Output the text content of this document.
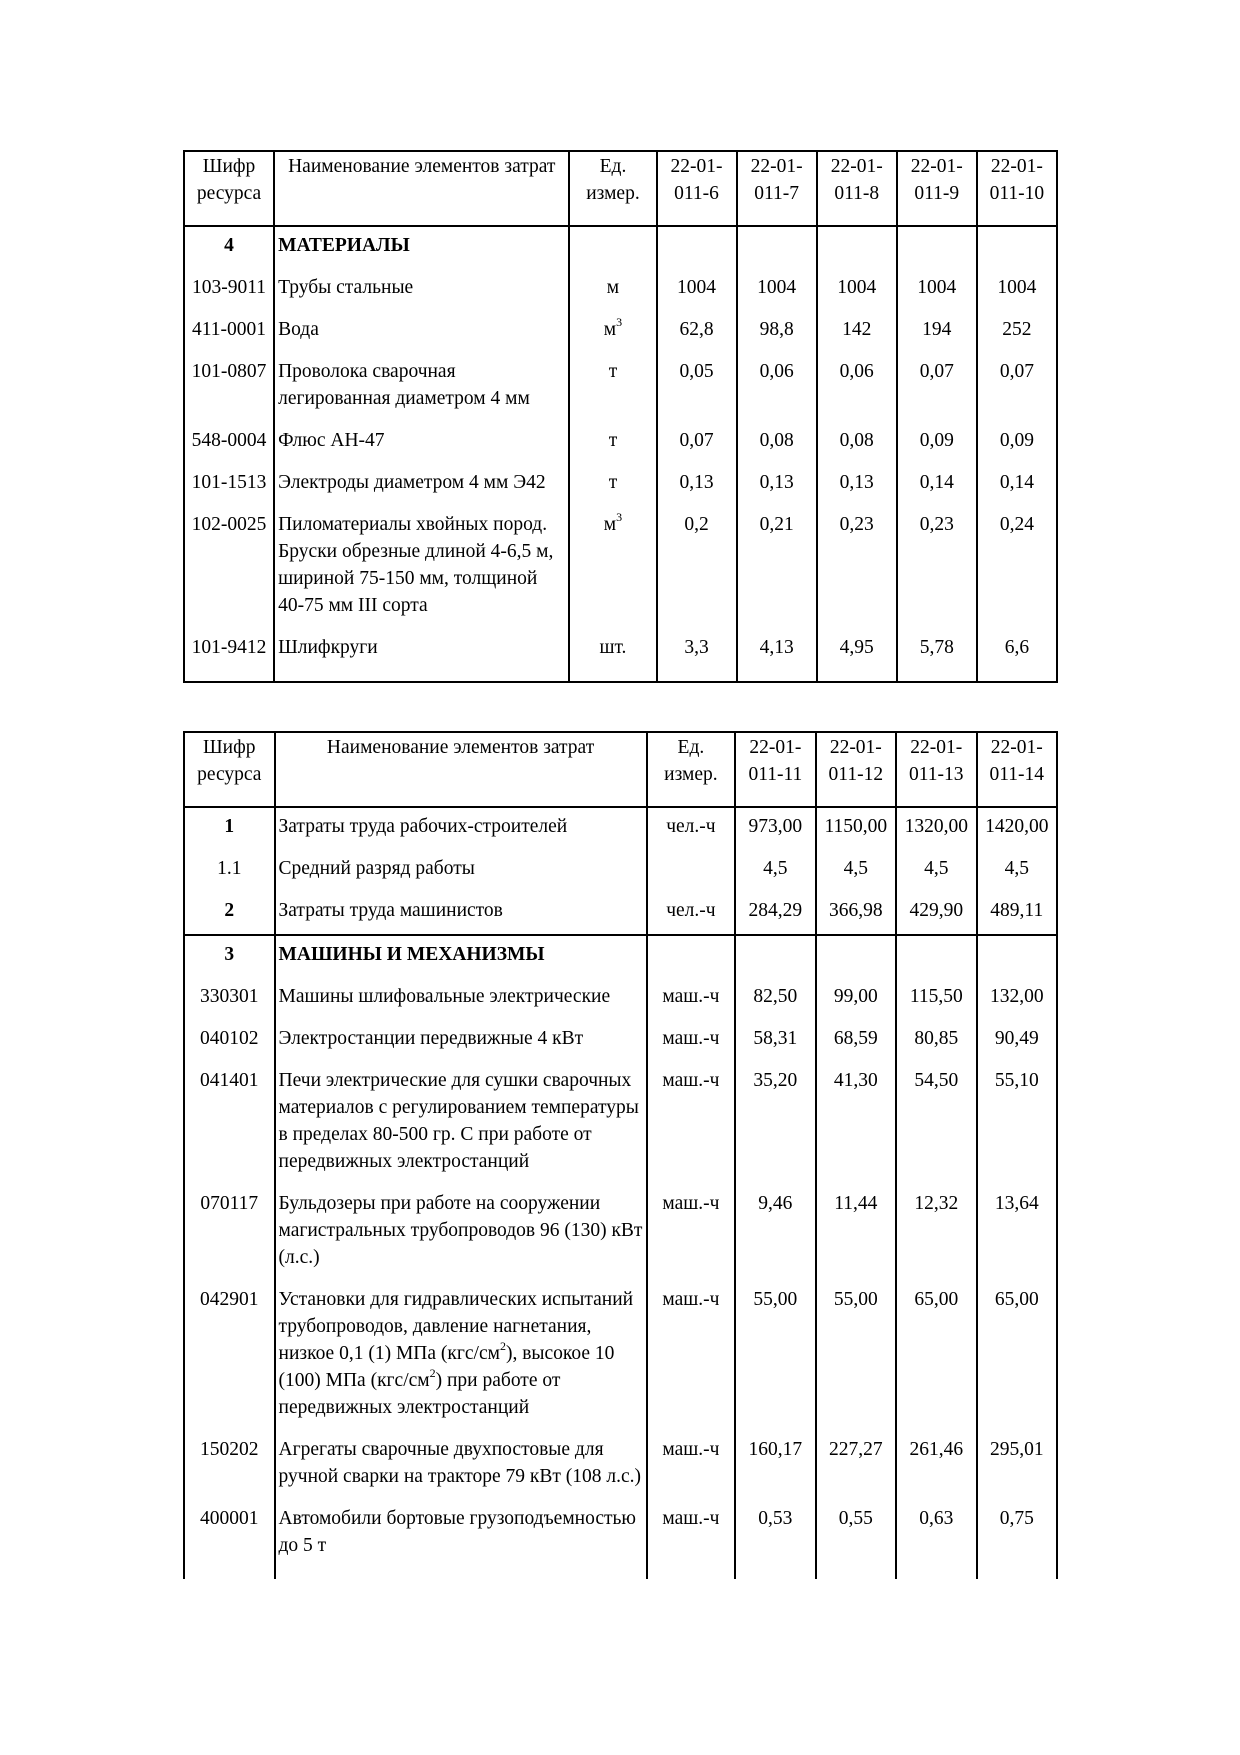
Шифр ресурса	Наименование элементов затрат	Ед. измер.	22-01-011-6	22-01-011-7	22-01-011-8	22-01-011-9	22-01-011-10
4	МАТЕРИАЛЫ						
103-9011	Трубы стальные	м	1004	1004	1004	1004	1004
411-0001	Вода	$м^3$	62,8	98,8	142	194	252
101-0807	Проволока сварочная легированная диаметром 4 мм	т	0,05	0,06	0,06	0,07	0,07
548-0004	Флюс АН-47	т	0,07	0,08	0,08	0,09	0,09
101-1513	Электроды диаметром 4 мм Э42	т	0,13	0,13	0,13	0,14	0,14
102-0025	Пиломатериалы хвойных пород. Бруски обрезные длиной 4-6,5 м, шириной 75-150 мм, толщиной 40-75 мм III сорта	$м^3$	0,2	0,21	0,23	0,23	0,24
101-9412	Шлифкруги	шт.	3,3	4,13	4,95	5,78	6,6
Шифр ресурса	Наименование элементов затрат	Ед. измер.	22-01-011-11	22-01-011-12	22-01-011-13	22-01-011-14
1	Затраты труда рабочих-строителей	чел.-ч	973,00	1150,00	1320,00	1420,00
1.1	Средний разряд работы		4,5	4,5	4,5	4,5
2	Затраты труда машинистов	чел.-ч	284,29	366,98	429,90	489,11
3	МАШИНЫ И МЕХАНИЗМЫ					
330301	Машины шлифовальные электрические	маш.-ч	82,50	99,00	115,50	132,00
040102	Электростанции передвижные 4 кВт	маш.-ч	58,31	68,59	80,85	90,49
041401	Печи электрические для сушки сварочных материалов с регулированием температуры в пределах 80-500 гр. С при работе от передвижных электростанций	маш.-ч	35,20	41,30	54,50	55,10
070117	Бульдозеры при работе на сооружении магистральных трубопроводов 96 (130) кВт (л.с.)	маш.-ч	9,46	11,44	12,32	13,64
042901	Установки для гидравлических испытаний трубопроводов, давление нагнетания, низкое 0,1 (1) МПа $(кгс/см^2)$, высокое 10 (100) МПа $(кгс/см^2)$ при работе от передвижных электростанций	маш.-ч	55,00	55,00	65,00	65,00
150202	Агрегаты сварочные двухпостовые для ручной сварки на тракторе 79 кВт (108 л.с.)	маш.-ч	160,17	227,27	261,46	295,01
400001	Автомобили бортовые грузоподъемностью до 5 т	маш.-ч	0,53	0,55	0,63	0,75
